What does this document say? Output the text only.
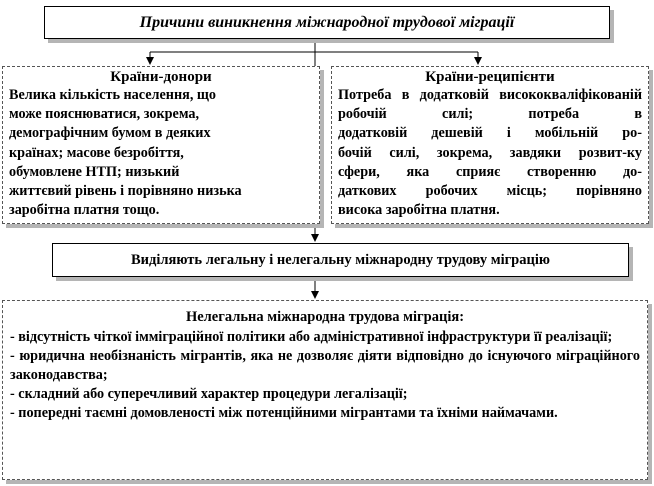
Причини виникнення міжнародної трудової міграції
Країни-донори
Велика кількість населення, що
може пояснюватися, зокрема,
демографічним бумом в деяких
країнах; масове безробіття,
обумовлене НТП; низький
життєвий рівень і порівняно низька
заробітна платня тощо.
Країни-реципієнти
Потреба в додатковій висококваліфікованій робочій силі; потреба в
додатковій дешевій і мобільній ро-
бочій силі, зокрема, завдяки розвит-ку
сфери, яка сприяє створенню до-
даткових робочих місць; порівняно
висока заробітна платня.
Виділяють легальну і нелегальну міжнародну трудову міграцію
Нелегальна міжнародна трудова міграція:
- відсутність чіткої імміграційної політики або адміністративної інфраструктури її реалізації;
- юридична необізнаність мігрантів, яка не дозволяє діяти відповідно до існуючого міграційного законодавства;
- складний або суперечливий характер процедури легалізації;
- попередні таємні домовленості між потенційними мігрантами та їхніми наймачами.
